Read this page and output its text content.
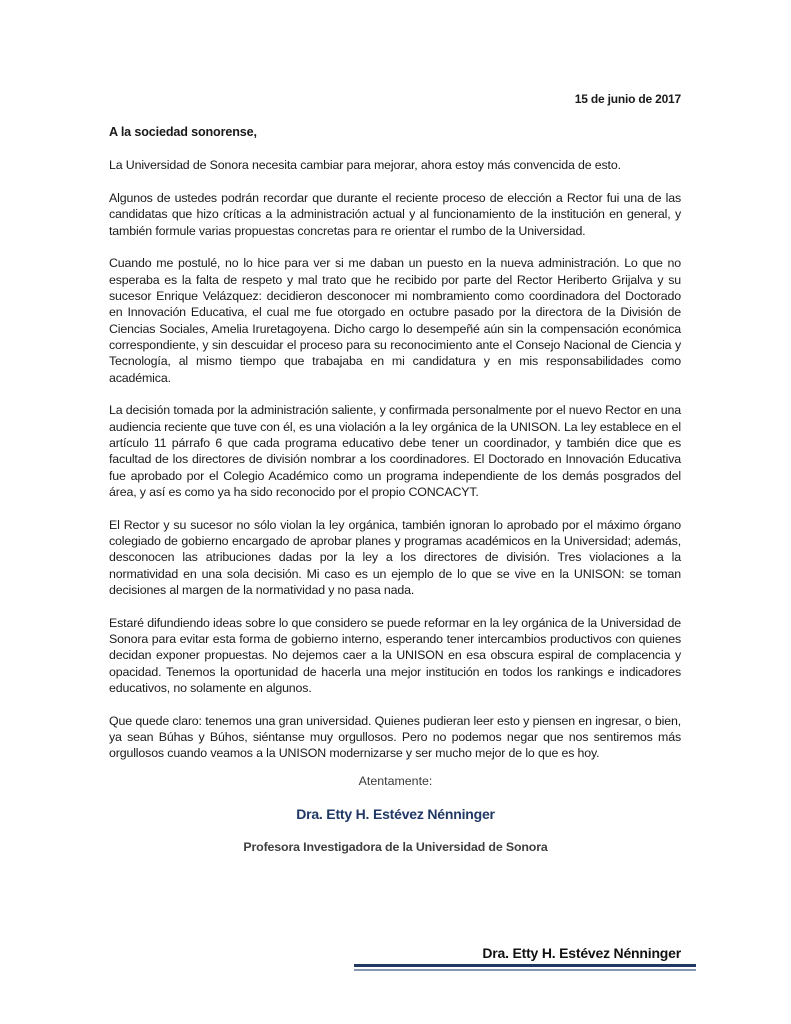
15 de junio de 2017
A la sociedad sonorense,

La Universidad de Sonora necesita cambiar para mejorar, ahora estoy más convencida de esto.

Algunos de ustedes podrán recordar que durante el reciente proceso de elección a Rector fui una de las candidatas que hizo críticas a la administración actual y al funcionamiento de la institución en general, y también formule varias propuestas concretas para re orientar el rumbo de la Universidad.

Cuando me postulé, no lo hice para ver si me daban un puesto en la nueva administración. Lo que no esperaba es la falta de respeto y mal trato que he recibido por parte del Rector Heriberto Grijalva y su sucesor Enrique Velázquez: decidieron desconocer mi nombramiento como coordinadora del Doctorado en Innovación Educativa, el cual me fue otorgado en octubre pasado por la directora de la División de Ciencias Sociales, Amelia Iruretagoyena. Dicho cargo lo desempeñé aún sin la compensación económica correspondiente, y sin descuidar el proceso para su reconocimiento ante el Consejo Nacional de Ciencia y Tecnología, al mismo tiempo que trabajaba en mi candidatura y en mis responsabilidades como académica.

La decisión tomada por la administración saliente, y confirmada personalmente por el nuevo Rector en una audiencia reciente que tuve con él, es una violación a la ley orgánica de la UNISON. La ley establece en el artículo 11 párrafo 6 que cada programa educativo debe tener un coordinador, y también dice que es facultad de los directores de división nombrar a los coordinadores. El Doctorado en Innovación Educativa fue aprobado por el Colegio Académico como un programa independiente de los demás posgrados del área, y así es como ya ha sido reconocido por el propio CONCACYT.

El Rector y su sucesor no sólo violan la ley orgánica, también ignoran lo aprobado por el máximo órgano colegiado de gobierno encargado de aprobar planes y programas académicos en la Universidad; además, desconocen las atribuciones dadas por la ley a los directores de división. Tres violaciones a la normatividad en una sola decisión. Mi caso es un ejemplo de lo que se vive en la UNISON: se toman decisiones al margen de la normatividad y no pasa nada.

Estaré difundiendo ideas sobre lo que considero se puede reformar en la ley orgánica de la Universidad de Sonora para evitar esta forma de gobierno interno, esperando tener intercambios productivos con quienes decidan exponer propuestas. No dejemos caer a la UNISON en esa obscura espiral de complacencia y opacidad. Tenemos la oportunidad de hacerla una mejor institución en todos los rankings e indicadores educativos, no solamente en algunos.

Que quede claro: tenemos una gran universidad. Quienes pudieran leer esto y piensen en ingresar, o bien, ya sean Búhas y Búhos, siéntanse muy orgullosos. Pero no podemos negar que nos sentiremos más orgullosos cuando veamos a la UNISON modernizarse y ser mucho mejor de lo que es hoy.

Atentamente:
Dra. Etty H. Estévez Nénninger
Profesora Investigadora de la Universidad de Sonora
Dra. Etty H. Estévez Nénninger
